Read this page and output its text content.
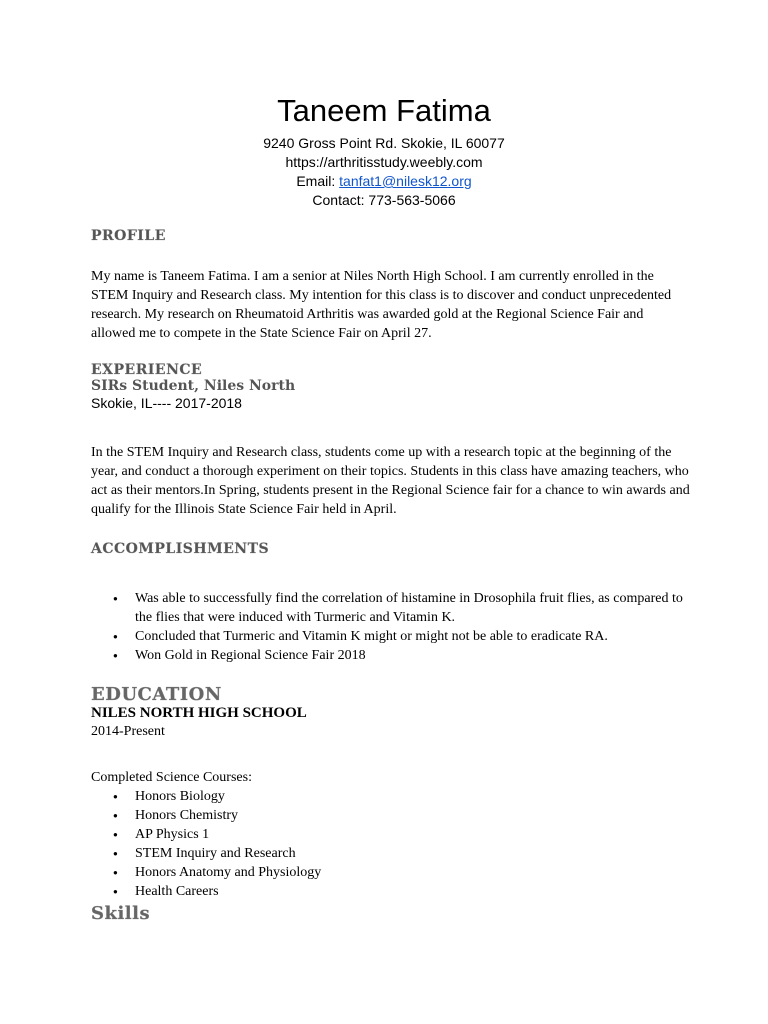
Taneem Fatima

9240 Gross Point Rd. Skokie, IL 60077

https://arthritisstudy.weebly.com

Email: tanfat1@nilesk12.org

Contact: 773-563-5066

PROFILE

My name is Taneem Fatima. I am a senior at Niles North High School. I am currently enrolled in the STEM Inquiry and Research class. My intention for this class is to discover and conduct unprecedented research. My research on Rheumatoid Arthritis was awarded gold at the Regional Science Fair and allowed me to compete in the State Science Fair on April 27.

EXPERIENCE

SIRs Student, Niles North

Skokie, IL---- 2017-2018

In the STEM Inquiry and Research class, students come up with a research topic at the beginning of the year, and conduct a thorough experiment on their topics. Students in this class have amazing teachers, who act as their mentors.In Spring, students present in the Regional Science fair for a chance to win awards and qualify for the Illinois State Science Fair held in April.

ACCOMPLISHMENTS
● Was able to successfully find the correlation of histamine in Drosophila fruit flies, as compared to the flies that were induced with Turmeric and Vitamin K.
● Concluded that Turmeric and Vitamin K might or might not be able to eradicate RA.
● Won Gold in Regional Science Fair 2018
EDUCATION

NILES NORTH HIGH SCHOOL

2014-Present

Completed Science Courses:

● Honors Biology
● Honors Chemistry
● AP Physics 1
● STEM Inquiry and Research
● Honors Anatomy and Physiology
● Health Careers
Skills
